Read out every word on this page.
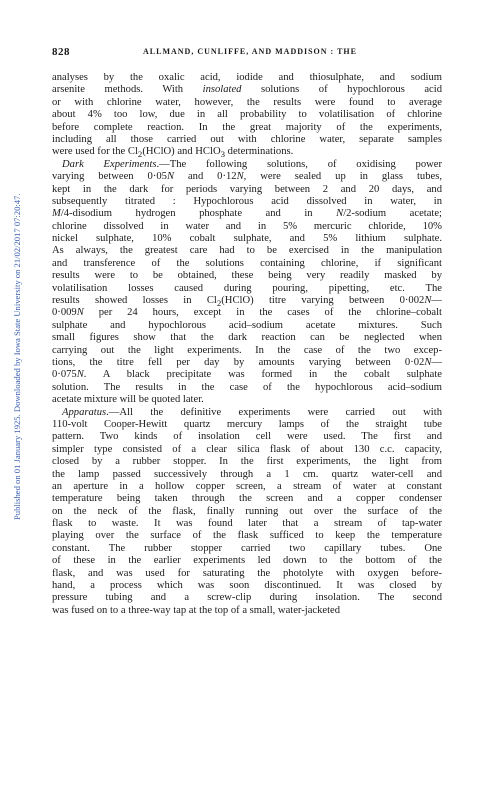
828	ALLMAND, CUNLIFFE, AND MADDISON : THE
Published on 01 January 1925. Downloaded by Iowa State University on 21/02/2017 07:20:47.
analyses by the oxalic acid, iodide and thiosulphate, and sodium
arsenite methods. With insolated solutions of hypochlorous acid
or with chlorine water, however, the results were found to average
about 4% too low, due in all probability to volatilisation of chlorine
before complete reaction. In the great majority of the experiments,
including all those carried out with chlorine water, separate samples
were used for the $Cl_2(HClO)$ and HClO$_3$ determinations.
Dark Experiments.—The following solutions, of oxidising power
varying between 0·05N and 0·12N, were sealed up in glass tubes,
kept in the dark for periods varying between 2 and 20 days, and
subsequently titrated : Hypochlorous acid dissolved in water, in
M/4-disodium hydrogen phosphate and in N/2-sodium acetate;
chlorine dissolved in water and in 5% mercuric chloride, 10%
nickel sulphate, 10% cobalt sulphate, and 5% lithium sulphate.
As always, the greatest care had to be exercised in the manipulation
and transference of the solutions containing chlorine, if significant
results were to be obtained, these being very readily masked by
volatilisation losses caused during pouring, pipetting, etc. The
results showed losses in $Cl_2(HClO)$ titre varying between 0·002N—
0·009N per 24 hours, except in the cases of the chlorine–cobalt
sulphate and hypochlorous acid–sodium acetate mixtures. Such
small figures show that the dark reaction can be neglected when
carrying out the light experiments. In the case of the two excep-
tions, the titre fell per day by amounts varying between 0·02N—
0·075N. A black precipitate was formed in the cobalt sulphate
solution. The results in the case of the hypochlorous acid–sodium
acetate mixture will be quoted later.
Apparatus.—All the definitive experiments were carried out with
110-volt Cooper-Hewitt quartz mercury lamps of the straight tube
pattern. Two kinds of insolation cell were used. The first and
simpler type consisted of a clear silica flask of about 130 c.c. capacity,
closed by a rubber stopper. In the first experiments, the light from
the lamp passed successively through a 1 cm. quartz water-cell and
an aperture in a hollow copper screen, a stream of water at constant
temperature being taken through the screen and a copper condenser
on the neck of the flask, finally running out over the surface of the
flask to waste. It was found later that a stream of tap-water
playing over the surface of the flask sufficed to keep the temperature
constant. The rubber stopper carried two capillary tubes. One
of these in the earlier experiments led down to the bottom of the
flask, and was used for saturating the photolyte with oxygen before-
hand, a process which was soon discontinued. It was closed by
pressure tubing and a screw-clip during insolation. The second
was fused on to a three-way tap at the top of a small, water-jacketed
